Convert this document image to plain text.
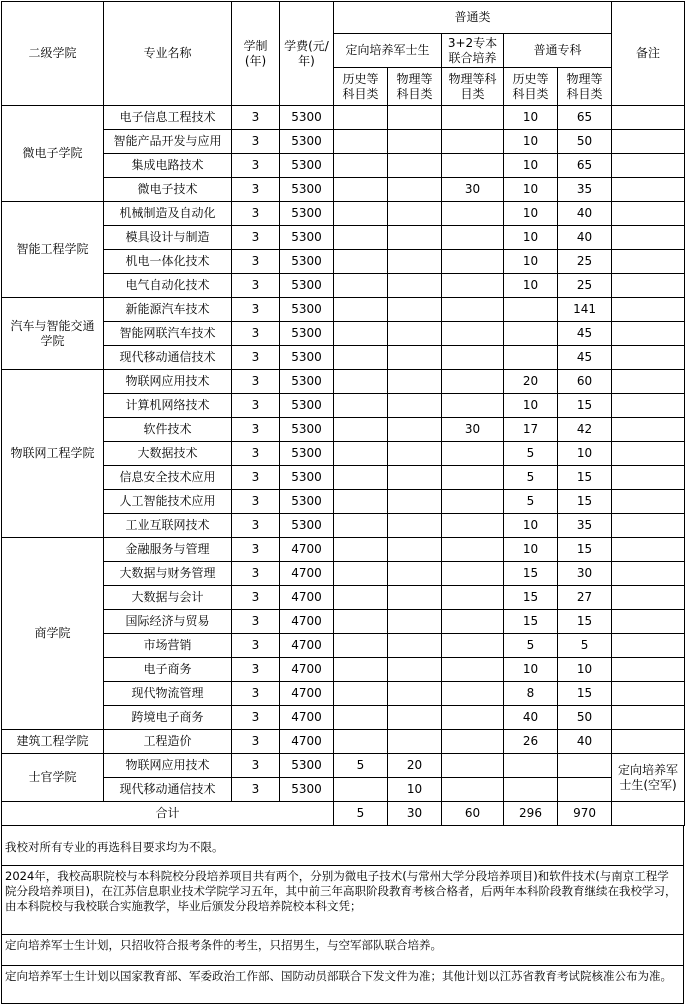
二级学院	专业名称	学制(年)	学费(元/年)	普通类					备注
				定向培养军士生		3+2专本联合培养	普通专科		
				历史等科目类	物理等科目类	物理等科目类	历史等科目类	物理等科目类	
微电子学院	电子信息工程技术	3	5300				10	65	
	智能产品开发与应用	3	5300				10	50	
	集成电路技术	3	5300				10	65	
	微电子技术	3	5300			30	10	35	
智能工程学院	机械制造及自动化	3	5300				10	40	
	模具设计与制造	3	5300				10	40	
	机电一体化技术	3	5300				10	25	
	电气自动化技术	3	5300				10	25	
汽车与智能交通学院	新能源汽车技术	3	5300					141	
	智能网联汽车技术	3	5300					45	
	现代移动通信技术	3	5300					45	
物联网工程学院	物联网应用技术	3	5300				20	60	
	计算机网络技术	3	5300				10	15	
	软件技术	3	5300			30	17	42	
	大数据技术	3	5300				5	10	
	信息安全技术应用	3	5300				5	15	
	人工智能技术应用	3	5300				5	15	
	工业互联网技术	3	5300				10	35	
商学院	金融服务与管理	3	4700				10	15	
	大数据与财务管理	3	4700				15	30	
	大数据与会计	3	4700				15	27	
	国际经济与贸易	3	4700				15	15	
	市场营销	3	4700				5	5	
	电子商务	3	4700				10	10	
	现代物流管理	3	4700				8	15	
	跨境电子商务	3	4700				40	50	
建筑工程学院	工程造价	3	4700				26	40	
士官学院	物联网应用技术	3	5300	5	20				定向培养军士生(空军)
	现代移动通信技术	3	5300		10				
合计				5	30	60	296	970	
我校对所有专业的再选科目要求均为不限。
2024年，我校高职院校与本科院校分段培养项目共有两个，分别为微电子技术(与常州大学分段培养项目)和软件技术(与南京工程学院分段培养项目)，在江苏信息职业技术学院学习五年，其中前三年高职阶段教育考核合格者，后两年本科阶段教育继续在我校学习，由本科院校与我校联合实施教学，毕业后颁发分段培养院校本科文凭；
定向培养军士生计划，只招收符合报考条件的考生，只招男生，与空军部队联合培养。
定向培养军士生计划以国家教育部、军委政治工作部、国防动员部联合下发文件为准；其他计划以江苏省教育考试院核准公布为准。
